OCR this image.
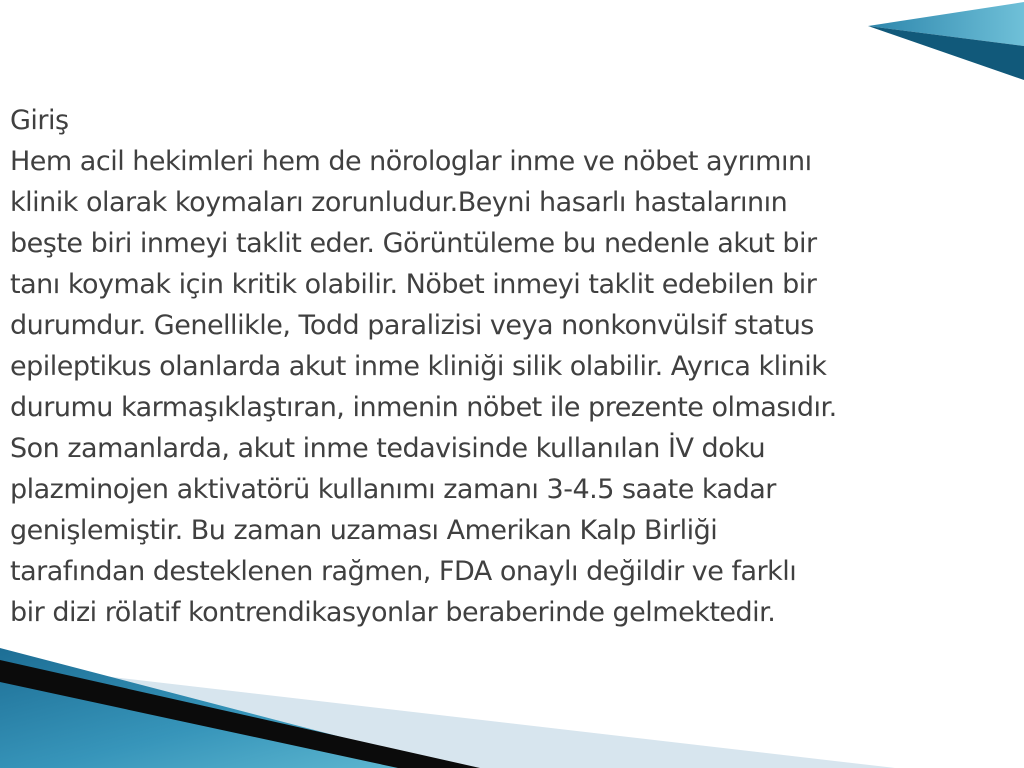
Giriş
Hem acil hekimleri hem de nörologlar inme ve nöbet ayrımını
klinik olarak koymaları zorunludur.Beyni hasarlı hastalarının
beşte biri inmeyi taklit eder. Görüntüleme bu nedenle akut bir
tanı koymak için kritik olabilir. Nöbet inmeyi taklit edebilen bir
durumdur. Genellikle, Todd paralizisi veya nonkonvülsif status
epileptikus olanlarda akut inme kliniği silik olabilir. Ayrıca klinik
durumu karmaşıklaştıran, inmenin nöbet ile prezente olmasıdır.
Son zamanlarda, akut inme tedavisinde kullanılan İV doku
plazminojen aktivatörü kullanımı zamanı 3-4.5 saate kadar
genişlemiştir. Bu zaman uzaması Amerikan Kalp Birliği
tarafından desteklenen rağmen, FDA onaylı değildir ve farklı
bir dizi rölatif kontrendikasyonlar beraberinde gelmektedir.
